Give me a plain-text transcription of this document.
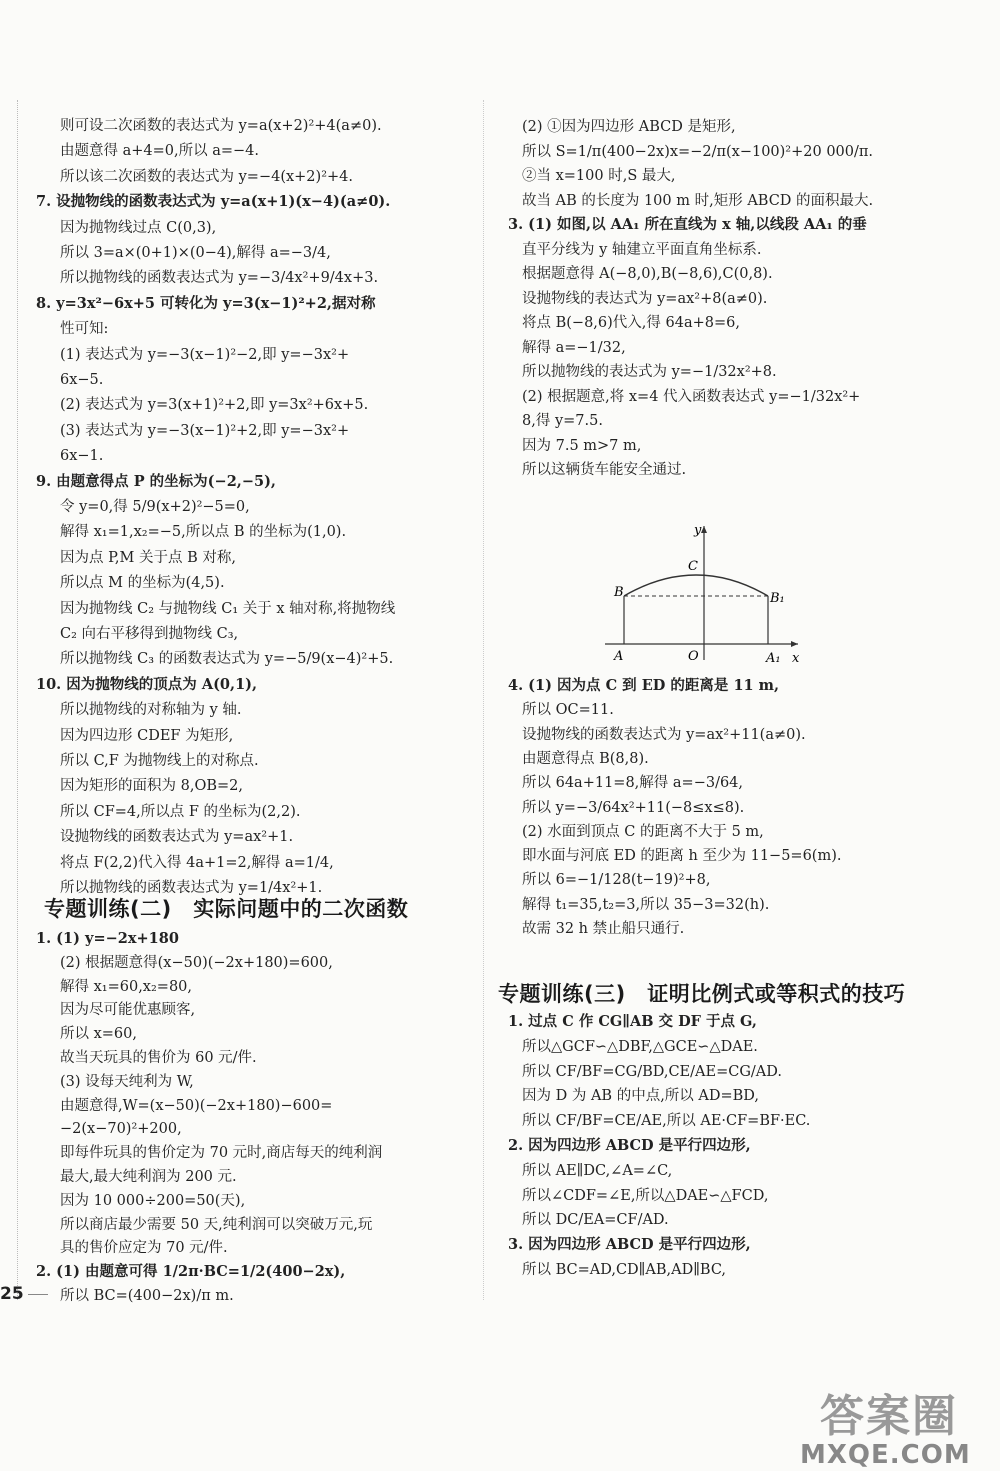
则可设二次函数的表达式为 y=a(x+2)²+4(a≠0).
由题意得 a+4=0,所以 a=−4.
所以该二次函数的表达式为 y=−4(x+2)²+4.
7. 设抛物线的函数表达式为 y=a(x+1)(x−4)(a≠0).
因为抛物线过点 C(0,3),
所以 3=a×(0+1)×(0−4),解得 a=−3/4,
所以抛物线的函数表达式为 y=−3/4x²+9/4x+3.
8. y=3x²−6x+5 可转化为 y=3(x−1)²+2,据对称
性可知:
(1) 表达式为 y=−3(x−1)²−2,即 y=−3x²+
6x−5.
(2) 表达式为 y=3(x+1)²+2,即 y=3x²+6x+5.
(3) 表达式为 y=−3(x−1)²+2,即 y=−3x²+
6x−1.
9. 由题意得点 P 的坐标为(−2,−5),
令 y=0,得 5/9(x+2)²−5=0,
解得 x₁=1,x₂=−5,所以点 B 的坐标为(1,0).
因为点 P,M 关于点 B 对称,
所以点 M 的坐标为(4,5).
因为抛物线 C₂ 与抛物线 C₁ 关于 x 轴对称,将抛物线
C₂ 向右平移得到抛物线 C₃,
所以抛物线 C₃ 的函数表达式为 y=−5/9(x−4)²+5.
10. 因为抛物线的顶点为 A(0,1),
所以抛物线的对称轴为 y 轴.
因为四边形 CDEF 为矩形,
所以 C,F 为抛物线上的对称点.
因为矩形的面积为 8,OB=2,
所以 CF=4,所以点 F 的坐标为(2,2).
设抛物线的函数表达式为 y=ax²+1.
将点 F(2,2)代入得 4a+1=2,解得 a=1/4,
所以抛物线的函数表达式为 y=1/4x²+1.
1. (1) y=−2x+180
(2) 根据题意得(x−50)(−2x+180)=600,
解得 x₁=60,x₂=80,
因为尽可能优惠顾客,
所以 x=60,
故当天玩具的售价为 60 元/件.
(3) 设每天纯利为 W,
由题意得,W=(x−50)(−2x+180)−600=
−2(x−70)²+200,
即每件玩具的售价定为 70 元时,商店每天的纯利润
最大,最大纯利润为 200 元.
因为 10 000÷200=50(天),
所以商店最少需要 50 天,纯利润可以突破万元,玩
具的售价应定为 70 元/件.
2. (1) 由题意可得 1/2π·BC=1/2(400−2x),
所以 BC=(400−2x)/π m.
(2) ①因为四边形 ABCD 是矩形,
所以 S=1/π(400−2x)x=−2/π(x−100)²+20 000/π.
②当 x=100 时,S 最大,
故当 AB 的长度为 100 m 时,矩形 ABCD 的面积最大.
3. (1) 如图,以 AA₁ 所在直线为 x 轴,以线段 AA₁ 的垂
直平分线为 y 轴建立平面直角坐标系.
根据题意得 A(−8,0),B(−8,6),C(0,8).
设抛物线的表达式为 y=ax²+8(a≠0).
将点 B(−8,6)代入,得 64a+8=6,
解得 a=−1/32,
所以抛物线的表达式为 y=−1/32x²+8.
(2) 根据题意,将 x=4 代入函数表达式 y=−1/32x²+
8,得 y=7.5.
因为 7.5 m>7 m,
所以这辆货车能安全通过.
4. (1) 因为点 C 到 ED 的距离是 11 m,
所以 OC=11.
设抛物线的函数表达式为 y=ax²+11(a≠0).
由题意得点 B(8,8).
所以 64a+11=8,解得 a=−3/64,
所以 y=−3/64x²+11(−8≤x≤8).
(2) 水面到顶点 C 的距离不大于 5 m,
即水面与河底 ED 的距离 h 至少为 11−5=6(m).
所以 6=−1/128(t−19)²+8,
解得 t₁=35,t₂=3,所以 35−3=32(h).
故需 32 h 禁止船只通行.
1. 过点 C 作 CG∥AB 交 DF 于点 G,
所以△GCF∽△DBF,△GCE∽△DAE.
所以 CF/BF=CG/BD,CE/AE=CG/AD.
因为 D 为 AB 的中点,所以 AD=BD,
所以 CF/BF=CE/AE,所以 AE·CF=BF·EC.
2. 因为四边形 ABCD 是平行四边形,
所以 AE∥DC,∠A=∠C,
所以∠CDF=∠E,所以△DAE∽△FCD,
所以 DC/EA=CF/AD.
3. 因为四边形 ABCD 是平行四边形,
所以 BC=AD,CD∥AB,AD∥BC,
专题训练(二)　实际问题中的二次函数
专题训练(三)　证明比例式或等积式的技巧
y
x
C
B	B₁
A	O	A₁
25
答案圈
MXQE.COM
